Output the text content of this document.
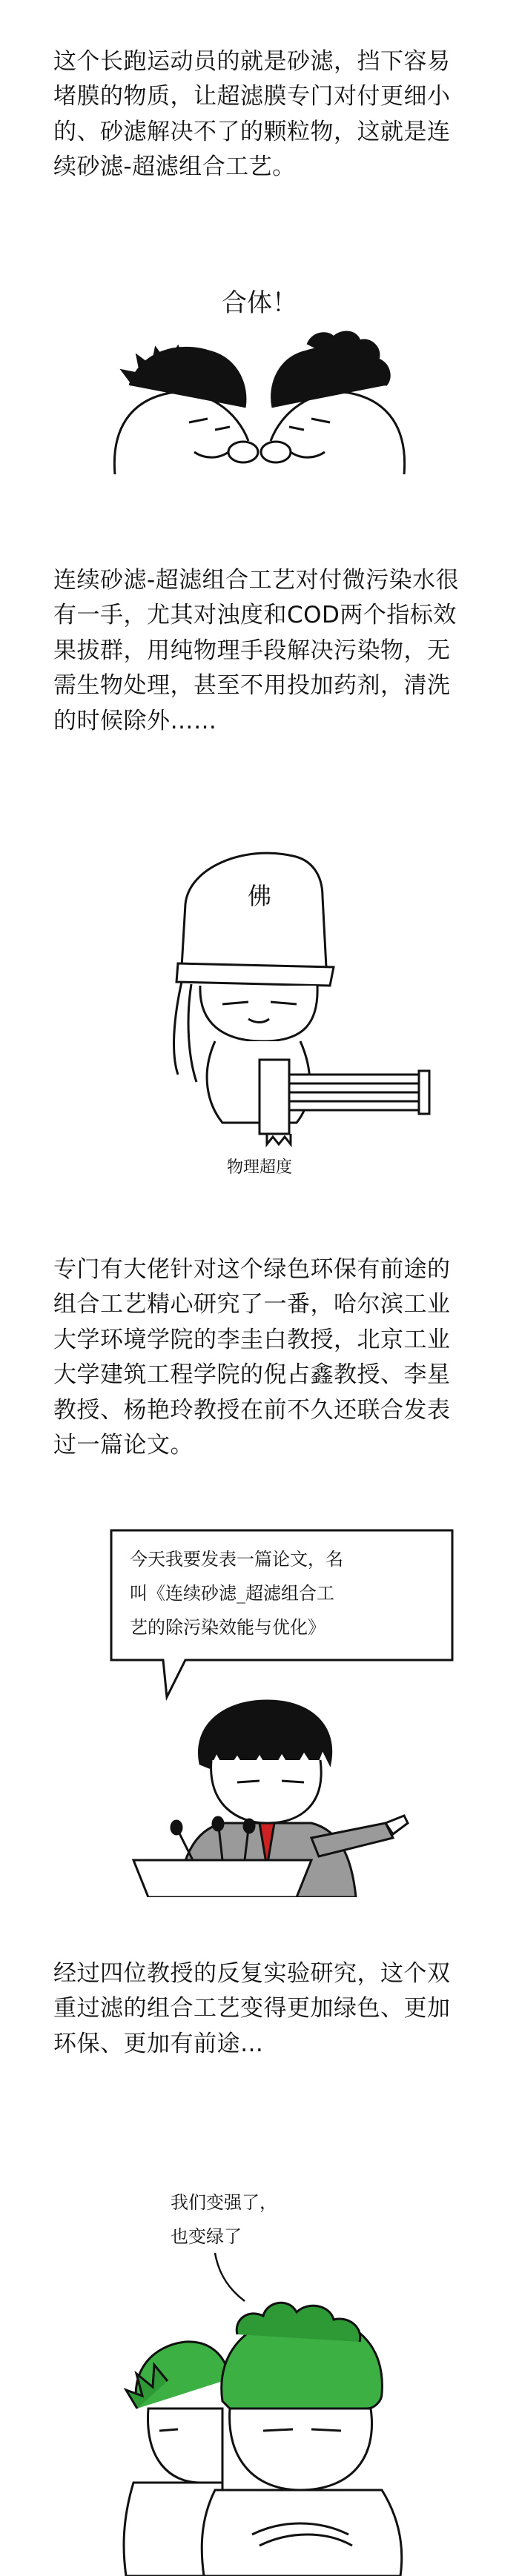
这个长跑运动员的就是砂滤，挡下容易堵膜的物质，让超滤膜专门对付更细小的、砂滤解决不了的颗粒物，这就是连续砂滤-超滤组合工艺。

合体！

连续砂滤-超滤组合工艺对付微污染水很有一手，尤其对浊度和COD两个指标效果拔群，用纯物理手段解决污染物，无需生物处理，甚至不用投加药剂，清洗的时候除外……

佛
物理超度

专门有大佬针对这个绿色环保有前途的组合工艺精心研究了一番，哈尔滨工业大学环境学院的李圭白教授，北京工业大学建筑工程学院的倪占鑫教授、李星教授、杨艳玲教授在前不久还联合发表过一篇论文。

今天我要发表一篇论文，名
叫《连续砂滤_超滤组合工
艺的除污染效能与优化》

经过四位教授的反复实验研究，这个双重过滤的组合工艺变得更加绿色、更加环保、更加有前途…

我们变强了，
也变绿了
